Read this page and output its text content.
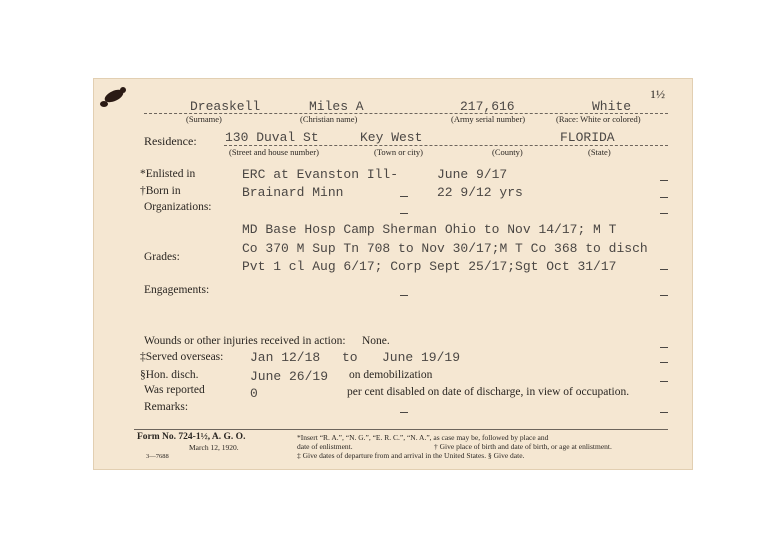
1½
Dreaskell	Miles A	217,616	White
(Surname)	(Christian name)	(Army serial number)	(Race: White or colored)
Residence: 130 Duval St	Key West	FLORIDA
(Street and house number)	(Town or city)	(County)	(State)
*Enlisted in	ERC at Evanston Ill-	June 9/17
†Born in	Brainard Minn	22 9/12 yrs
Organizations:
MD Base Hosp Camp Sherman Ohio to Nov 14/17; M T
Co 370 M Sup Tn 708 to Nov 30/17;M T Co 368 to disch
Grades:
Pvt 1 cl Aug 6/17; Corp Sept 25/17;Sgt Oct 31/17
Engagements:
Wounds or other injuries received in action: None.
‡Served overseas: Jan 12/18 to June 19/19
§Hon. disch.	June 26/19 on demobilization
Was reported	0	per cent disabled on date of discharge, in view of occupation.
Remarks:
Form No. 724-1½, A. G. O.
March 12, 1920.
3—7688
*Insert “R. A.”, “N. G.”, “E. R. C.”, “N. A.”, as case may be, followed by place and
date of enlistment.	† Give place of birth and date of birth, or age at enlistment.
‡ Give dates of departure from and arrival in the United States. § Give date.
